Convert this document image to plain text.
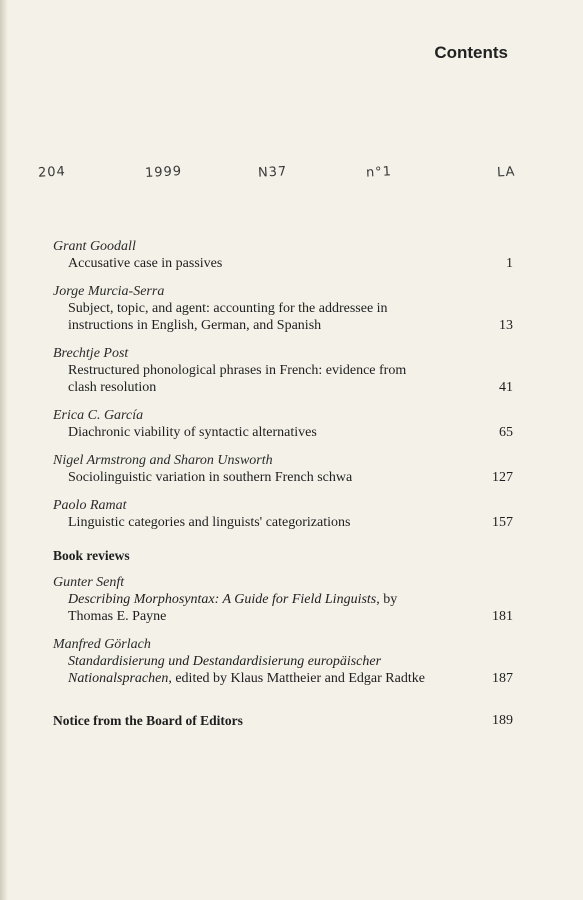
Contents
204	1999	N37	n°1	LA
Grant Goodall
Accusative case in passives	1
Jorge Murcia-Serra
Subject, topic, and agent: accounting for the addressee in instructions in English, German, and Spanish	13
Brechtje Post
Restructured phonological phrases in French: evidence from clash resolution	41
Erica C. García
Diachronic viability of syntactic alternatives	65
Nigel Armstrong and Sharon Unsworth
Sociolinguistic variation in southern French schwa	127
Paolo Ramat
Linguistic categories and linguists' categorizations	157
Book reviews
Gunter Senft
Describing Morphosyntax: A Guide for Field Linguists, by Thomas E. Payne	181
Manfred Görlach
Standardisierung und Destandardisierung europäischer Nationalsprachen, edited by Klaus Mattheier and Edgar Radtke	187
Notice from the Board of Editors	189
